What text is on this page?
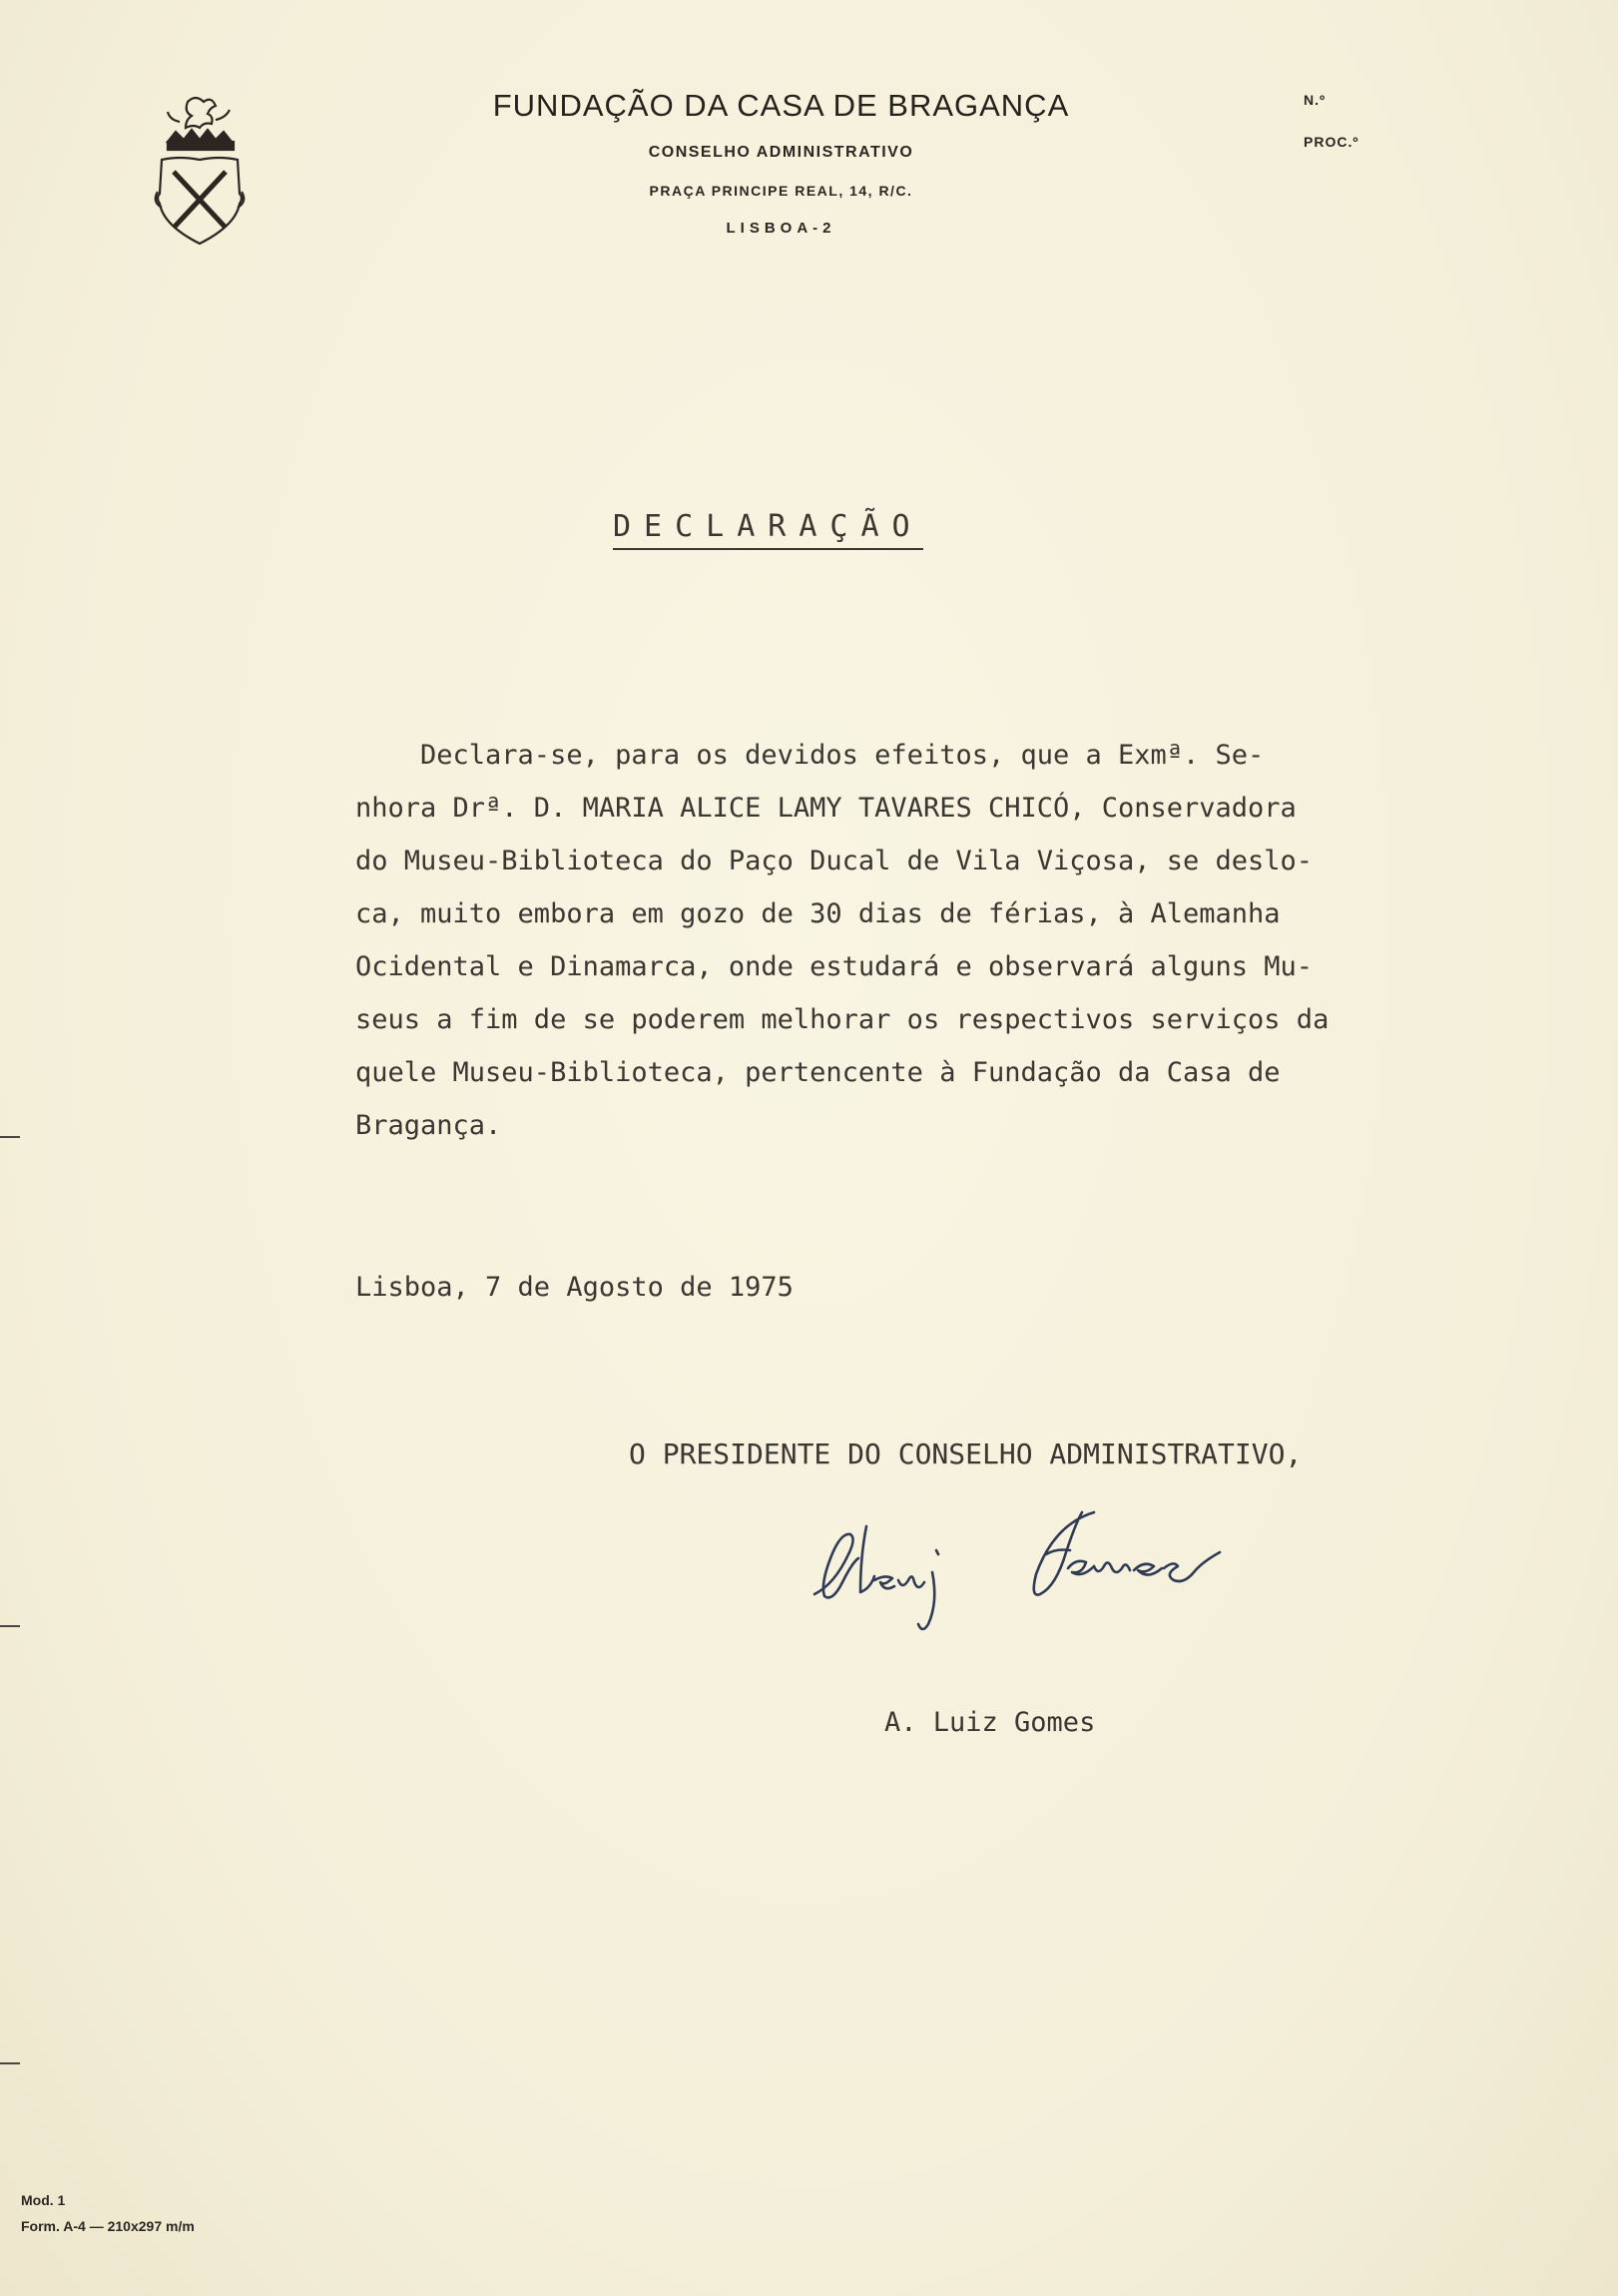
FUNDAÇÃO DA CASA DE BRAGANÇA
CONSELHO ADMINISTRATIVO
PRAÇA PRINCIPE REAL, 14, R/C.
LISBOA-2
N.º
PROC.º
DECLARAÇÃO
Declara-se, para os devidos efeitos, que a Exmª. Se-
nhora Drª. D. MARIA ALICE LAMY TAVARES CHICÓ, Conservadora
do Museu-Biblioteca do Paço Ducal de Vila Viçosa, se deslo-
ca, muito embora em gozo de 30 dias de férias, à Alemanha
Ocidental e Dinamarca, onde estudará e observará alguns Mu-
seus a fim de se poderem melhorar os respectivos serviços da
quele Museu-Biblioteca, pertencente à Fundação da Casa de
Bragança.
Lisboa, 7 de Agosto de 1975
O PRESIDENTE DO CONSELHO ADMINISTRATIVO,
A. Luiz Gomes
Mod. 1
Form. A-4 — 210x297 m/m
